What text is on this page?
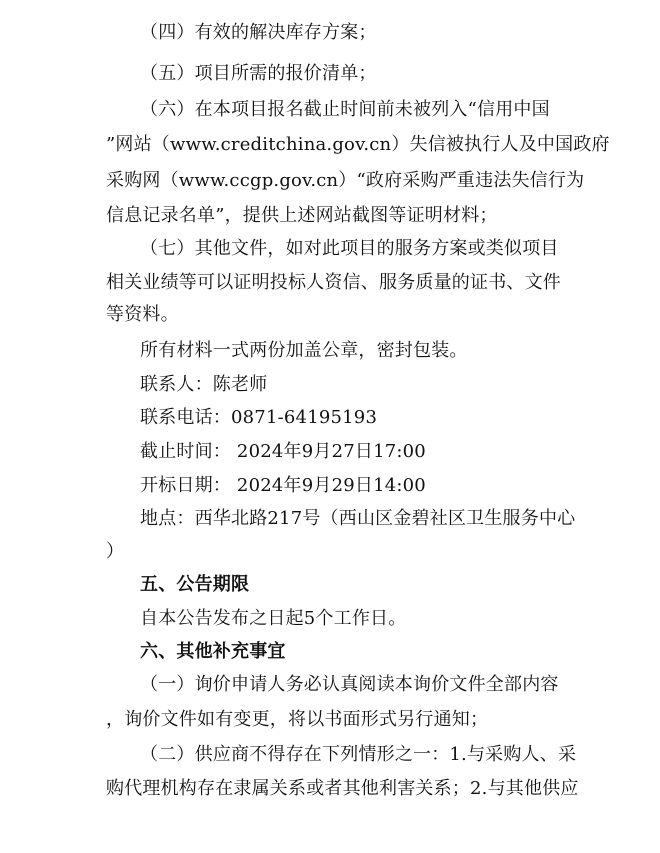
（四）有效的解决库存方案；
（五）项目所需的报价清单；
（六）在本项目报名截止时间前未被列入“信用中国
”网站（www.creditchina.gov.cn）失信被执行人及中国政府
采购网（www.ccgp.gov.cn）“政府采购严重违法失信行为
信息记录名单”，提供上述网站截图等证明材料；
（七）其他文件，如对此项目的服务方案或类似项目
相关业绩等可以证明投标人资信、服务质量的证书、文件
等资料。
所有材料一式两份加盖公章，密封包装。
联系人：陈老师
联系电话：0871-64195193
截止时间： 2024年9月27日17:00
开标日期： 2024年9月29日14:00
地点：西华北路217号（西山区金碧社区卫生服务中心
）
五、公告期限
自本公告发布之日起5个工作日。
六、其他补充事宜
（一）询价申请人务必认真阅读本询价文件全部内容
，询价文件如有变更，将以书面形式另行通知；
（二）供应商不得存在下列情形之一：1.与采购人、采
购代理机构存在隶属关系或者其他利害关系；2.与其他供应
